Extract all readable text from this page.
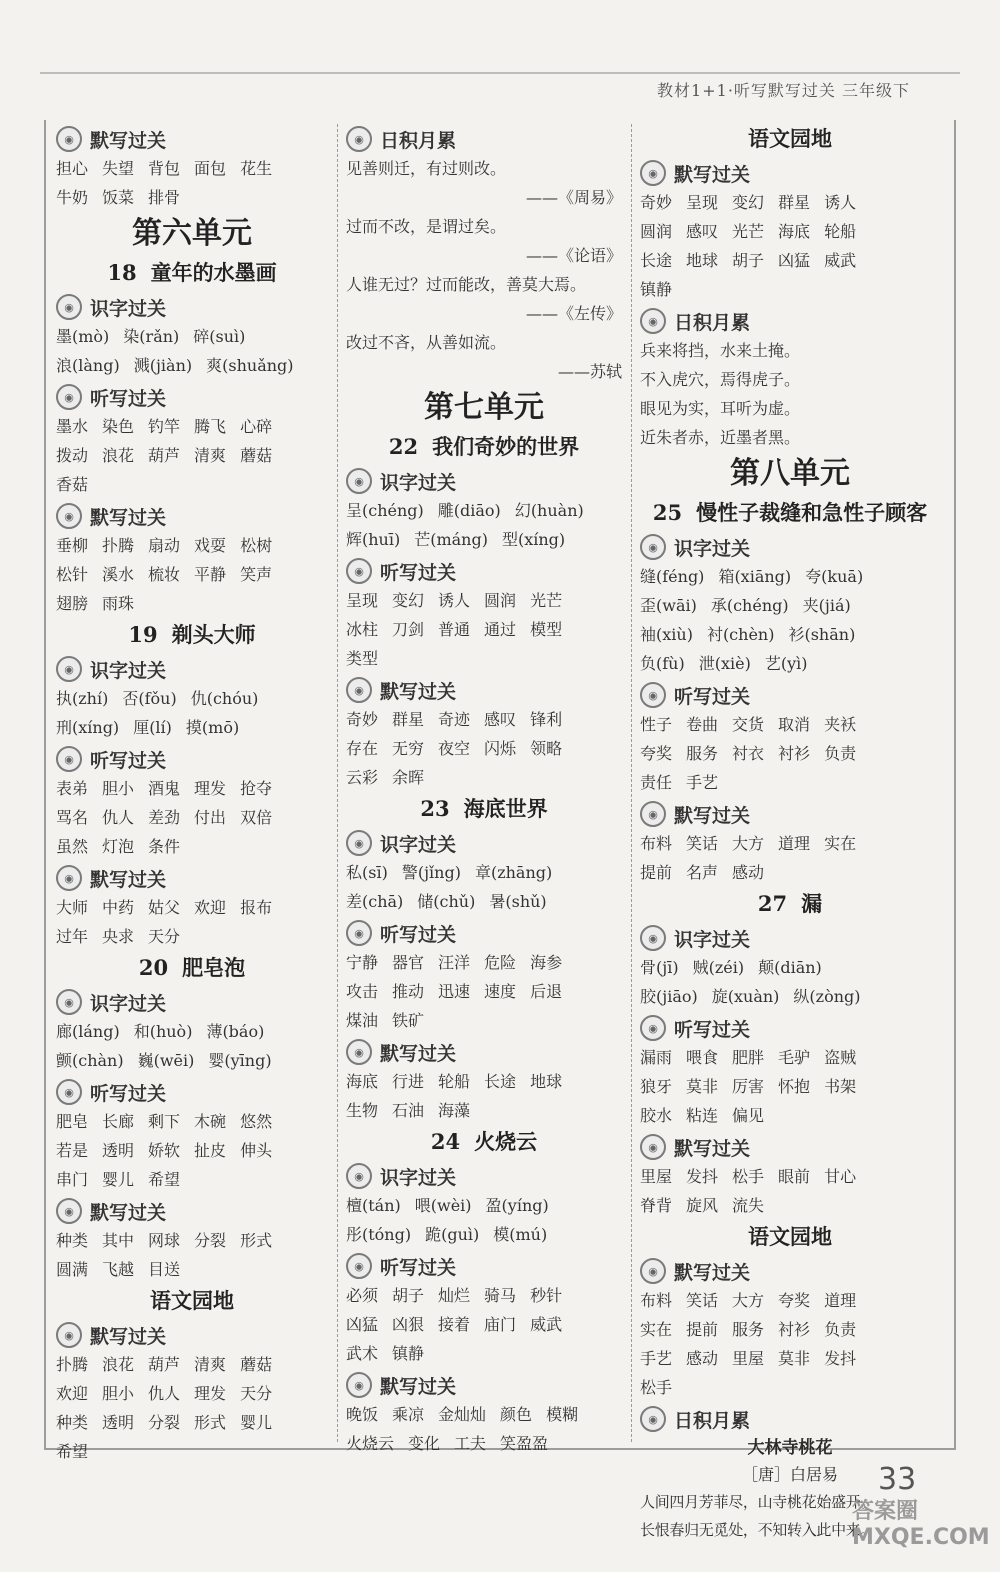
教材1+1·听写默写过关 三年级下
◉ 默写过关
担心 失望 背包 面包 花生
牛奶 饭菜 排骨
第六单元
18 童年的水墨画
◉ 识字过关
墨(mò) 染(rǎn) 碎(suì)
浪(làng) 溅(jiàn) 爽(shuǎng)
◉ 听写过关
墨水 染色 钓竿 腾飞 心碎
拨动 浪花 葫芦 清爽 蘑菇
香菇
◉ 默写过关
垂柳 扑腾 扇动 戏耍 松树
松针 溪水 梳妆 平静 笑声
翅膀 雨珠
19 剃头大师
◉ 识字过关
执(zhí) 否(fǒu) 仇(chóu)
刑(xíng) 厘(lí) 摸(mō)
◉ 听写过关
表弟 胆小 酒鬼 理发 抢夺
骂名 仇人 差劲 付出 双倍
虽然 灯泡 条件
◉ 默写过关
大师 中药 姑父 欢迎 报布
过年 央求 天分
20 肥皂泡
◉ 识字过关
廊(láng) 和(huò) 薄(báo)
颤(chàn) 巍(wēi) 婴(yīng)
◉ 听写过关
肥皂 长廊 剩下 木碗 悠然
若是 透明 娇软 扯皮 伸头
串门 婴儿 希望
◉ 默写过关
种类 其中 网球 分裂 形式
圆满 飞越 目送
语文园地
◉ 默写过关
扑腾 浪花 葫芦 清爽 蘑菇
欢迎 胆小 仇人 理发 天分
种类 透明 分裂 形式 婴儿
希望
◉ 日积月累
见善则迁，有过则改。
——《周易》
过而不改，是谓过矣。
——《论语》
人谁无过？过而能改，善莫大焉。
——《左传》
改过不吝，从善如流。
——苏轼
第七单元
22 我们奇妙的世界
◉ 识字过关
呈(chéng) 雕(diāo) 幻(huàn)
辉(huī) 芒(máng) 型(xíng)
◉ 听写过关
呈现 变幻 诱人 圆润 光芒
冰柱 刀剑 普通 通过 模型
类型
◉ 默写过关
奇妙 群星 奇迹 感叹 锋利
存在 无穷 夜空 闪烁 领略
云彩 余晖
23 海底世界
◉ 识字过关
私(sī) 警(jǐng) 章(zhāng)
差(chā) 储(chǔ) 暑(shǔ)
◉ 听写过关
宁静 器官 汪洋 危险 海参
攻击 推动 迅速 速度 后退
煤油 铁矿
◉ 默写过关
海底 行进 轮船 长途 地球
生物 石油 海藻
24 火烧云
◉ 识字过关
檀(tán) 喂(wèi) 盈(yíng)
彤(tóng) 跪(guì) 模(mú)
◉ 听写过关
必须 胡子 灿烂 骑马 秒针
凶猛 凶狠 接着 庙门 威武
武术 镇静
◉ 默写过关
晚饭 乘凉 金灿灿 颜色 模糊
火烧云 变化 工夫 笑盈盈
语文园地
◉ 默写过关
奇妙 呈现 变幻 群星 诱人
圆润 感叹 光芒 海底 轮船
长途 地球 胡子 凶猛 威武
镇静
◉ 日积月累
兵来将挡，水来土掩。
不入虎穴，焉得虎子。
眼见为实，耳听为虚。
近朱者赤，近墨者黑。
第八单元
25 慢性子裁缝和急性子顾客
◉ 识字过关
缝(féng) 箱(xiāng) 夸(kuā)
歪(wāi) 承(chéng) 夹(jiá)
袖(xiù) 衬(chèn) 衫(shān)
负(fù) 泄(xiè) 艺(yì)
◉ 听写过关
性子 卷曲 交货 取消 夹袄
夸奖 服务 衬衣 衬衫 负责
责任 手艺
◉ 默写过关
布料 笑话 大方 道理 实在
提前 名声 感动
27 漏
◉ 识字过关
骨(jī) 贼(zéi) 颠(diān)
胶(jiāo) 旋(xuàn) 纵(zòng)
◉ 听写过关
漏雨 喂食 肥胖 毛驴 盗贼
狼牙 莫非 厉害 怀抱 书架
胶水 粘连 偏见
◉ 默写过关
里屋 发抖 松手 眼前 甘心
脊背 旋风 流失
语文园地
◉ 默写过关
布料 笑话 大方 夸奖 道理
实在 提前 服务 衬衫 负责
手艺 感动 里屋 莫非 发抖
松手
◉ 日积月累
大林寺桃花
［唐］白居易
人间四月芳菲尽，山寺桃花始盛开。
长恨春归无觅处，不知转入此中来。
33
答案圈 MXQE.COM
